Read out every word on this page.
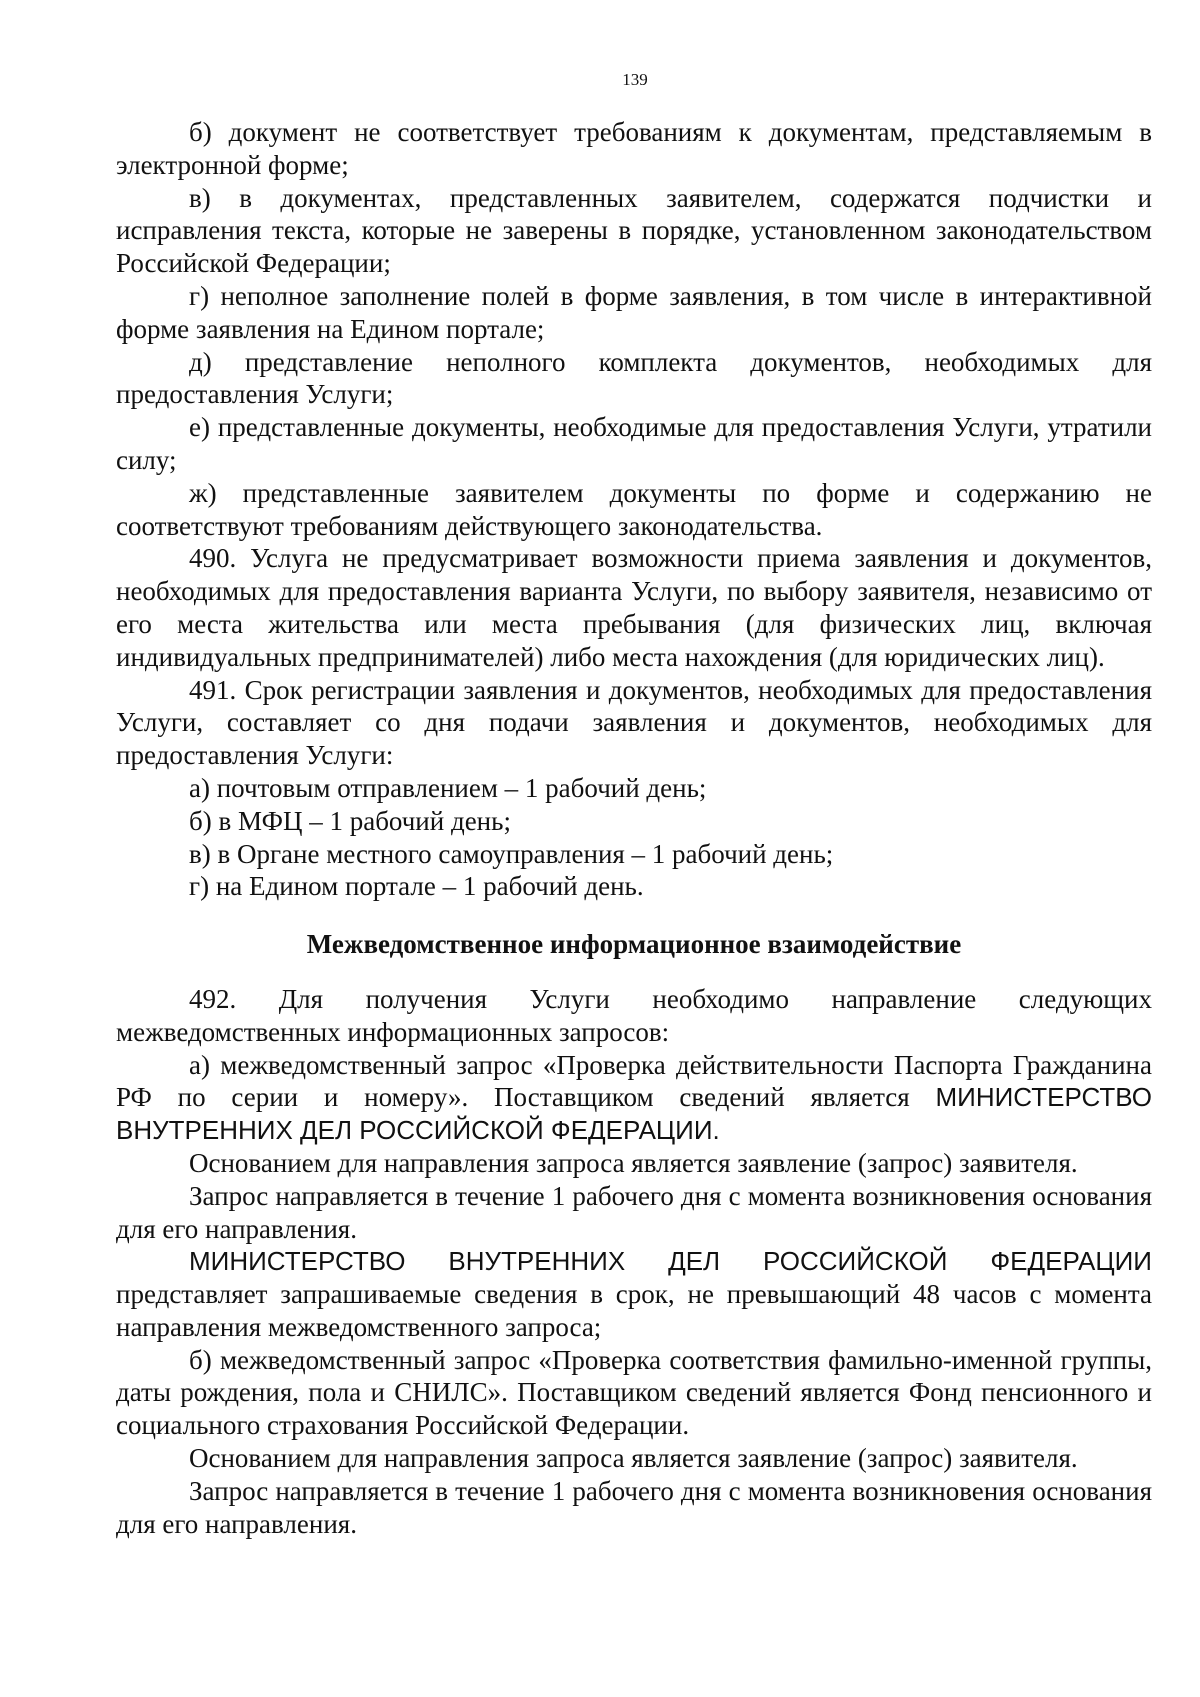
139

б) документ не соответствует требованиям к документам, представляемым в электронной форме;

в) в документах, представленных заявителем, содержатся подчистки и исправления текста, которые не заверены в порядке, установленном законодательством Российской Федерации;

г) неполное заполнение полей в форме заявления, в том числе в интерактивной форме заявления на Едином портале;

д) представление неполного комплекта документов, необходимых для предоставления Услуги;

е) представленные документы, необходимые для предоставления Услуги, утратили силу;

ж) представленные заявителем документы по форме и содержанию не соответствуют требованиям действующего законодательства.

490. Услуга не предусматривает возможности приема заявления и документов, необходимых для предоставления варианта Услуги, по выбору заявителя, независимо от его места жительства или места пребывания (для физических лиц, включая индивидуальных предпринимателей) либо места нахождения (для юридических лиц).

491. Срок регистрации заявления и документов, необходимых для предоставления Услуги, составляет со дня подачи заявления и документов, необходимых для предоставления Услуги:

а) почтовым отправлением – 1 рабочий день;

б) в МФЦ – 1 рабочий день;

в) в Органе местного самоуправления – 1 рабочий день;

г) на Едином портале – 1 рабочий день.

Межведомственное информационное взаимодействие

492. Для получения Услуги необходимо направление следующих межведомственных информационных запросов:

а) межведомственный запрос «Проверка действительности Паспорта Гражданина РФ по серии и номеру». Поставщиком сведений является МИНИСТЕРСТВО ВНУТРЕННИХ ДЕЛ РОССИЙСКОЙ ФЕДЕРАЦИИ.

Основанием для направления запроса является заявление (запрос) заявителя.

Запрос направляется в течение 1 рабочего дня с момента возникновения основания для его направления.

МИНИСТЕРСТВО ВНУТРЕННИХ ДЕЛ РОССИЙСКОЙ ФЕДЕРАЦИИ представляет запрашиваемые сведения в срок, не превышающий 48 часов с момента направления межведомственного запроса;

б) межведомственный запрос «Проверка соответствия фамильно-именной группы, даты рождения, пола и СНИЛС». Поставщиком сведений является Фонд пенсионного и социального страхования Российской Федерации.

Основанием для направления запроса является заявление (запрос) заявителя.

Запрос направляется в течение 1 рабочего дня с момента возникновения основания для его направления.
